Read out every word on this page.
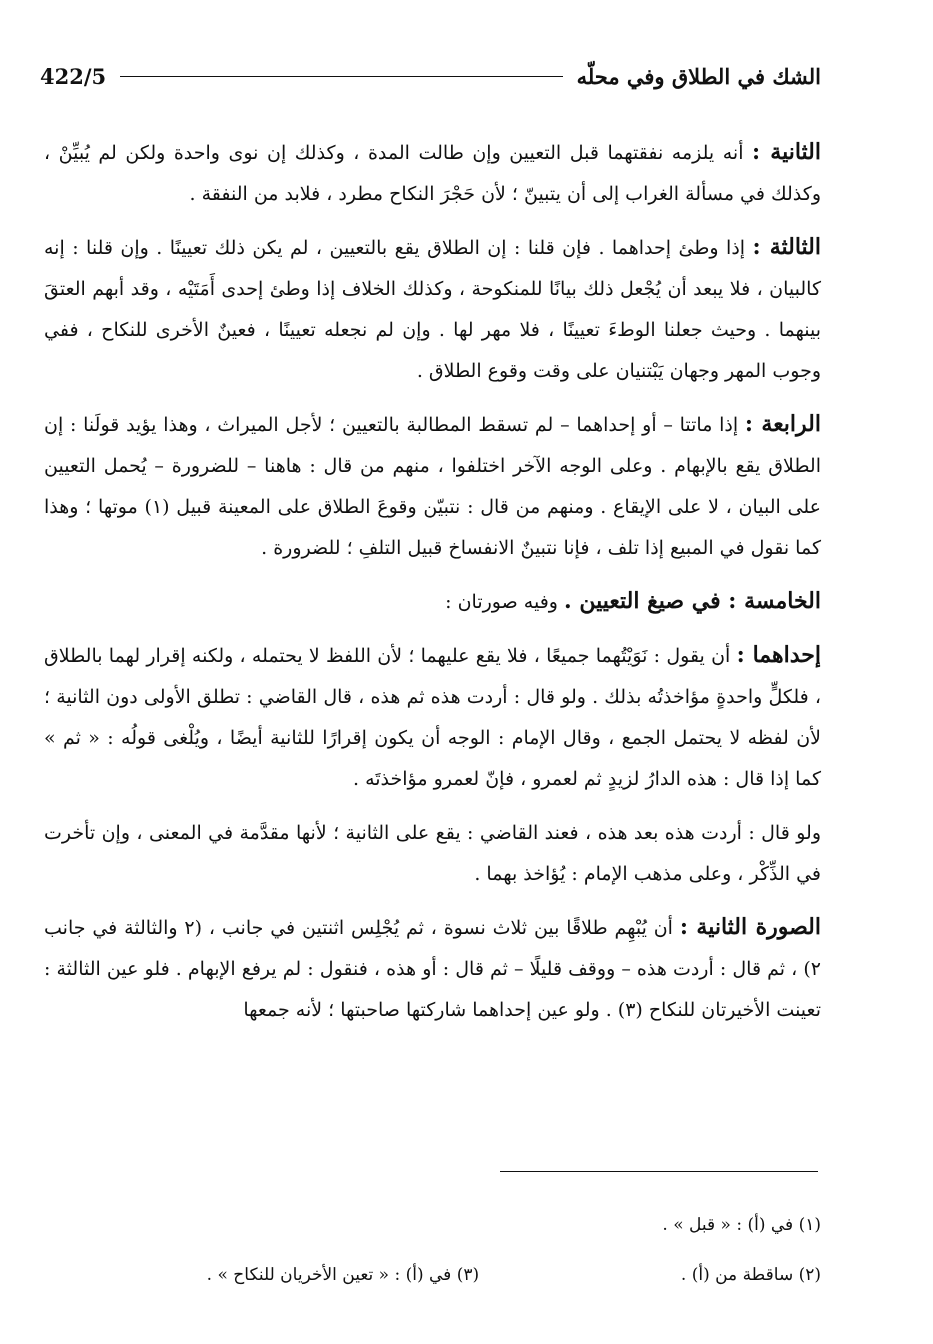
الشك في الطلاق وفي محلّه
422/5

الثانية : أنه يلزمه نفقتهما قبل التعيين وإن طالت المدة ، وكذلك إن نوى واحدة ولكن لم يُبيِّنْ ، وكذلك في مسألة الغراب إلى أن يتبينّ ؛ لأن حَجْرَ النكاح مطرد ، فلابد من النفقة .

الثالثة : إذا وطئ إحداهما . فإن قلنا : إن الطلاق يقع بالتعيين ، لم يكن ذلك تعيينًا . وإن قلنا : إنه كالبيان ، فلا يبعد أن يُجْعل ذلك بيانًا للمنكوحة ، وكذلك الخلاف إذا وطئ إحدى أَمَتَيْه ، وقد أبهم العتقَ بينهما . وحيث جعلنا الوطءَ تعيينًا ، فلا مهر لها . وإن لم نجعله تعيينًا ، فعينٌ الأخرى للنكاح ، ففي وجوب المهر وجهان يَبْتنيان على وقت وقوع الطلاق .

الرابعة : إذا ماتتا – أو إحداهما – لم تسقط المطالبة بالتعيين ؛ لأجل الميراث ، وهذا يؤيد قولَنا : إن الطلاق يقع بالإبهام . وعلى الوجه الآخر اختلفوا ، منهم من قال : هاهنا – للضرورة – يُحمل التعيين على البيان ، لا على الإيقاع . ومنهم من قال : نتبيّن وقوعَ الطلاق على المعينة قبيل (١) موتها ؛ وهذا كما نقول في المبيع إذا تلف ، فإنا نتبينٌ الانفساخ قبيل التلفِ ؛ للضرورة .

الخامسة : في صيغ التعيين . وفيه صورتان :

إحداهما : أن يقول : نَوَيْتُهما جميعًا ، فلا يقع عليهما ؛ لأن اللفظ لا يحتمله ، ولكنه إقرار لهما بالطلاق ، فلكلٍّ واحدةٍ مؤاخذتُه بذلك . ولو قال : أردت هذه ثم هذه ، قال القاضي : تطلق الأولى دون الثانية ؛ لأن لفظه لا يحتمل الجمع ، وقال الإمام : الوجه أن يكون إقرارًا للثانية أيضًا ، ويُلْغى قولُه : « ثم » كما إذا قال : هذه الدارُ لزيدٍ ثم لعمرو ، فإنّ لعمرو مؤاخذتَه .

ولو قال : أردت هذه بعد هذه ، فعند القاضي : يقع على الثانية ؛ لأنها مقدَّمة في المعنى ، وإن تأخرت في الذِّكْر ، وعلى مذهب الإمام : يُؤاخذ بهما .

الصورة الثانية : أن يُبْهِم طلاقًا بين ثلاث نسوة ، ثم يُجْلِس اثنتين في جانب ، (٢ والثالثة في جانب ٢) ، ثم قال : أردت هذه – ووقف قليلًا – ثم قال : أو هذه ، فنقول : لم يرفع الإبهام . فلو عين الثالثة : تعينت الأخيرتان للنكاح (٣) . ولو عين إحداهما شاركتها صاحبتها ؛ لأنه جمعها

(١) في (أ) : « قبل » .
(٢) ساقطة من (أ) .
(٣) في (أ) : « تعين الأخريان للنكاح » .
